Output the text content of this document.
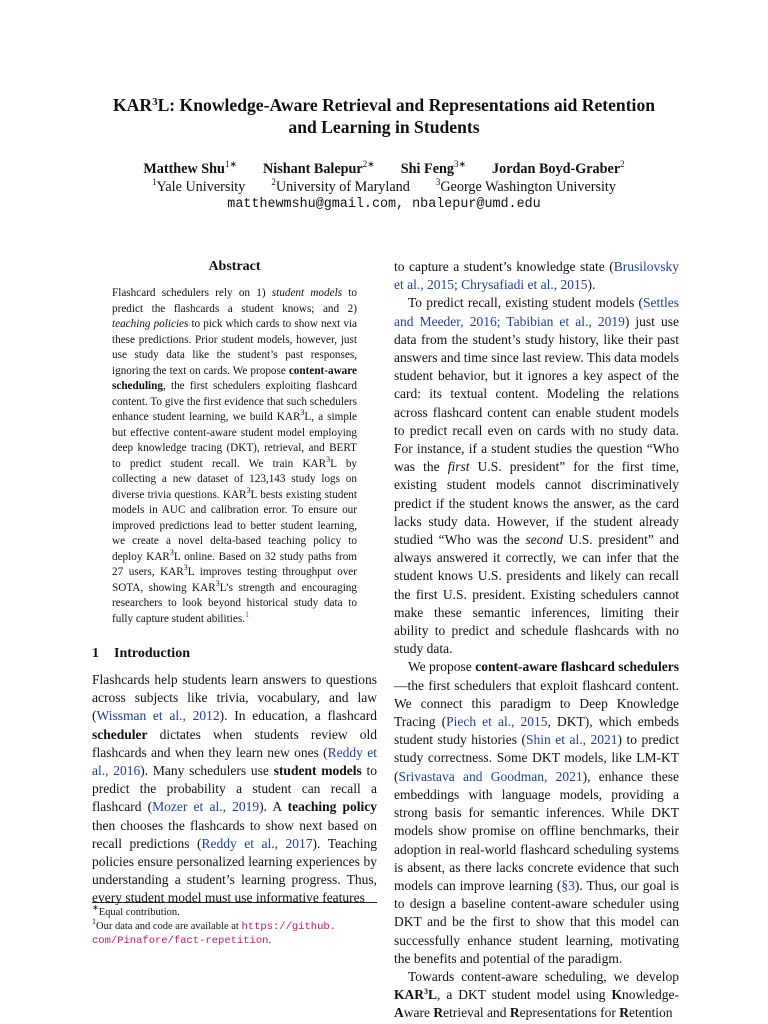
KAR$^3$L: Knowledge-Aware Retrieval and Representations aid Retention
and Learning in Students
Matthew Shu$^{1∗}$ Nishant Balepur$^{2∗}$ Shi Feng$^{3∗}$ Jordan Boyd-Graber$^2$
$^1$Yale University	$^2$University of Maryland	$^3$George Washington University
matthewmshu@gmail.com, nbalepur@umd.edu
Abstract
Flashcard schedulers rely on 1) student models to predict the flashcards a student knows; and 2) teaching policies to pick which cards to show next via these predictions. Prior student models, however, just use study data like the student’s past responses, ignoring the text on cards. We propose content-aware scheduling, the first schedulers exploiting flashcard content. To give the first evidence that such schedulers enhance student learning, we build KAR$^3$L, a simple but effective content-aware student model employing deep knowledge tracing (DKT), retrieval, and BERT to predict student recall. We train KAR$^3$L by collecting a new dataset of 123,143 study logs on diverse trivia questions. KAR$^3$L bests existing student models in AUC and calibration error. To ensure our improved predictions lead to better student learning, we create a novel delta-based teaching policy to deploy KAR$^3$L online. Based on 32 study paths from 27 users, KAR$^3$L improves testing throughput over SOTA, showing KAR$^3$L’s strength and encouraging researchers to look beyond historical study data to fully capture student abilities.$^1$
1 Introduction

Flashcards help students learn answers to questions across subjects like trivia, vocabulary, and law (Wissman et al., 2012). In education, a flashcard scheduler dictates when students review old flashcards and when they learn new ones (Reddy et al., 2016). Many schedulers use student models to predict the probability a student can recall a flashcard (Mozer et al., 2019). A teaching policy then chooses the flashcards to show next based on recall predictions (Reddy et al., 2017). Teaching policies ensure personalized learning experiences by understanding a student’s learning progress. Thus, every student model must use informative features

∗Equal contribution.
$^1$Our data and code are available at https://github. com/Pinafore/fact-repetition.

to capture a student’s knowledge state (Brusilovsky et al., 2015; Chrysafiadi et al., 2015).

To predict recall, existing student models (Settles and Meeder, 2016; Tabibian et al., 2019) just use data from the student’s study history, like their past answers and time since last review. This data models student behavior, but it ignores a key aspect of the card: its textual content. Modeling the relations across flashcard content can enable student models to predict recall even on cards with no study data. For instance, if a student studies the question “Who was the first U.S. president” for the first time, existing student models cannot discriminatively predict if the student knows the answer, as the card lacks study data. However, if the student already studied “Who was the second U.S. president” and always answered it correctly, we can infer that the student knows U.S. presidents and likely can recall the first U.S. president. Existing schedulers cannot make these semantic inferences, limiting their ability to predict and schedule flashcards with no study data.

We propose content-aware flashcard schedulers—the first schedulers that exploit flashcard content. We connect this paradigm to Deep Knowledge Tracing (Piech et al., 2015, DKT), which embeds student study histories (Shin et al., 2021) to predict study correctness. Some DKT models, like LM-KT (Srivastava and Goodman, 2021), enhance these embeddings with language models, providing a strong basis for semantic inferences. While DKT models show promise on offline benchmarks, their adoption in real-world flashcard scheduling systems is absent, as there lacks concrete evidence that such models can improve learning (§3). Thus, our goal is to design a baseline content-aware scheduler using DKT and be the first to show that this model can successfully enhance student learning, motivating the benefits and potential of the paradigm.

Towards content-aware scheduling, we develop KAR$^3$L, a DKT student model using Knowledge-Aware Retrieval and Representations for Retention
